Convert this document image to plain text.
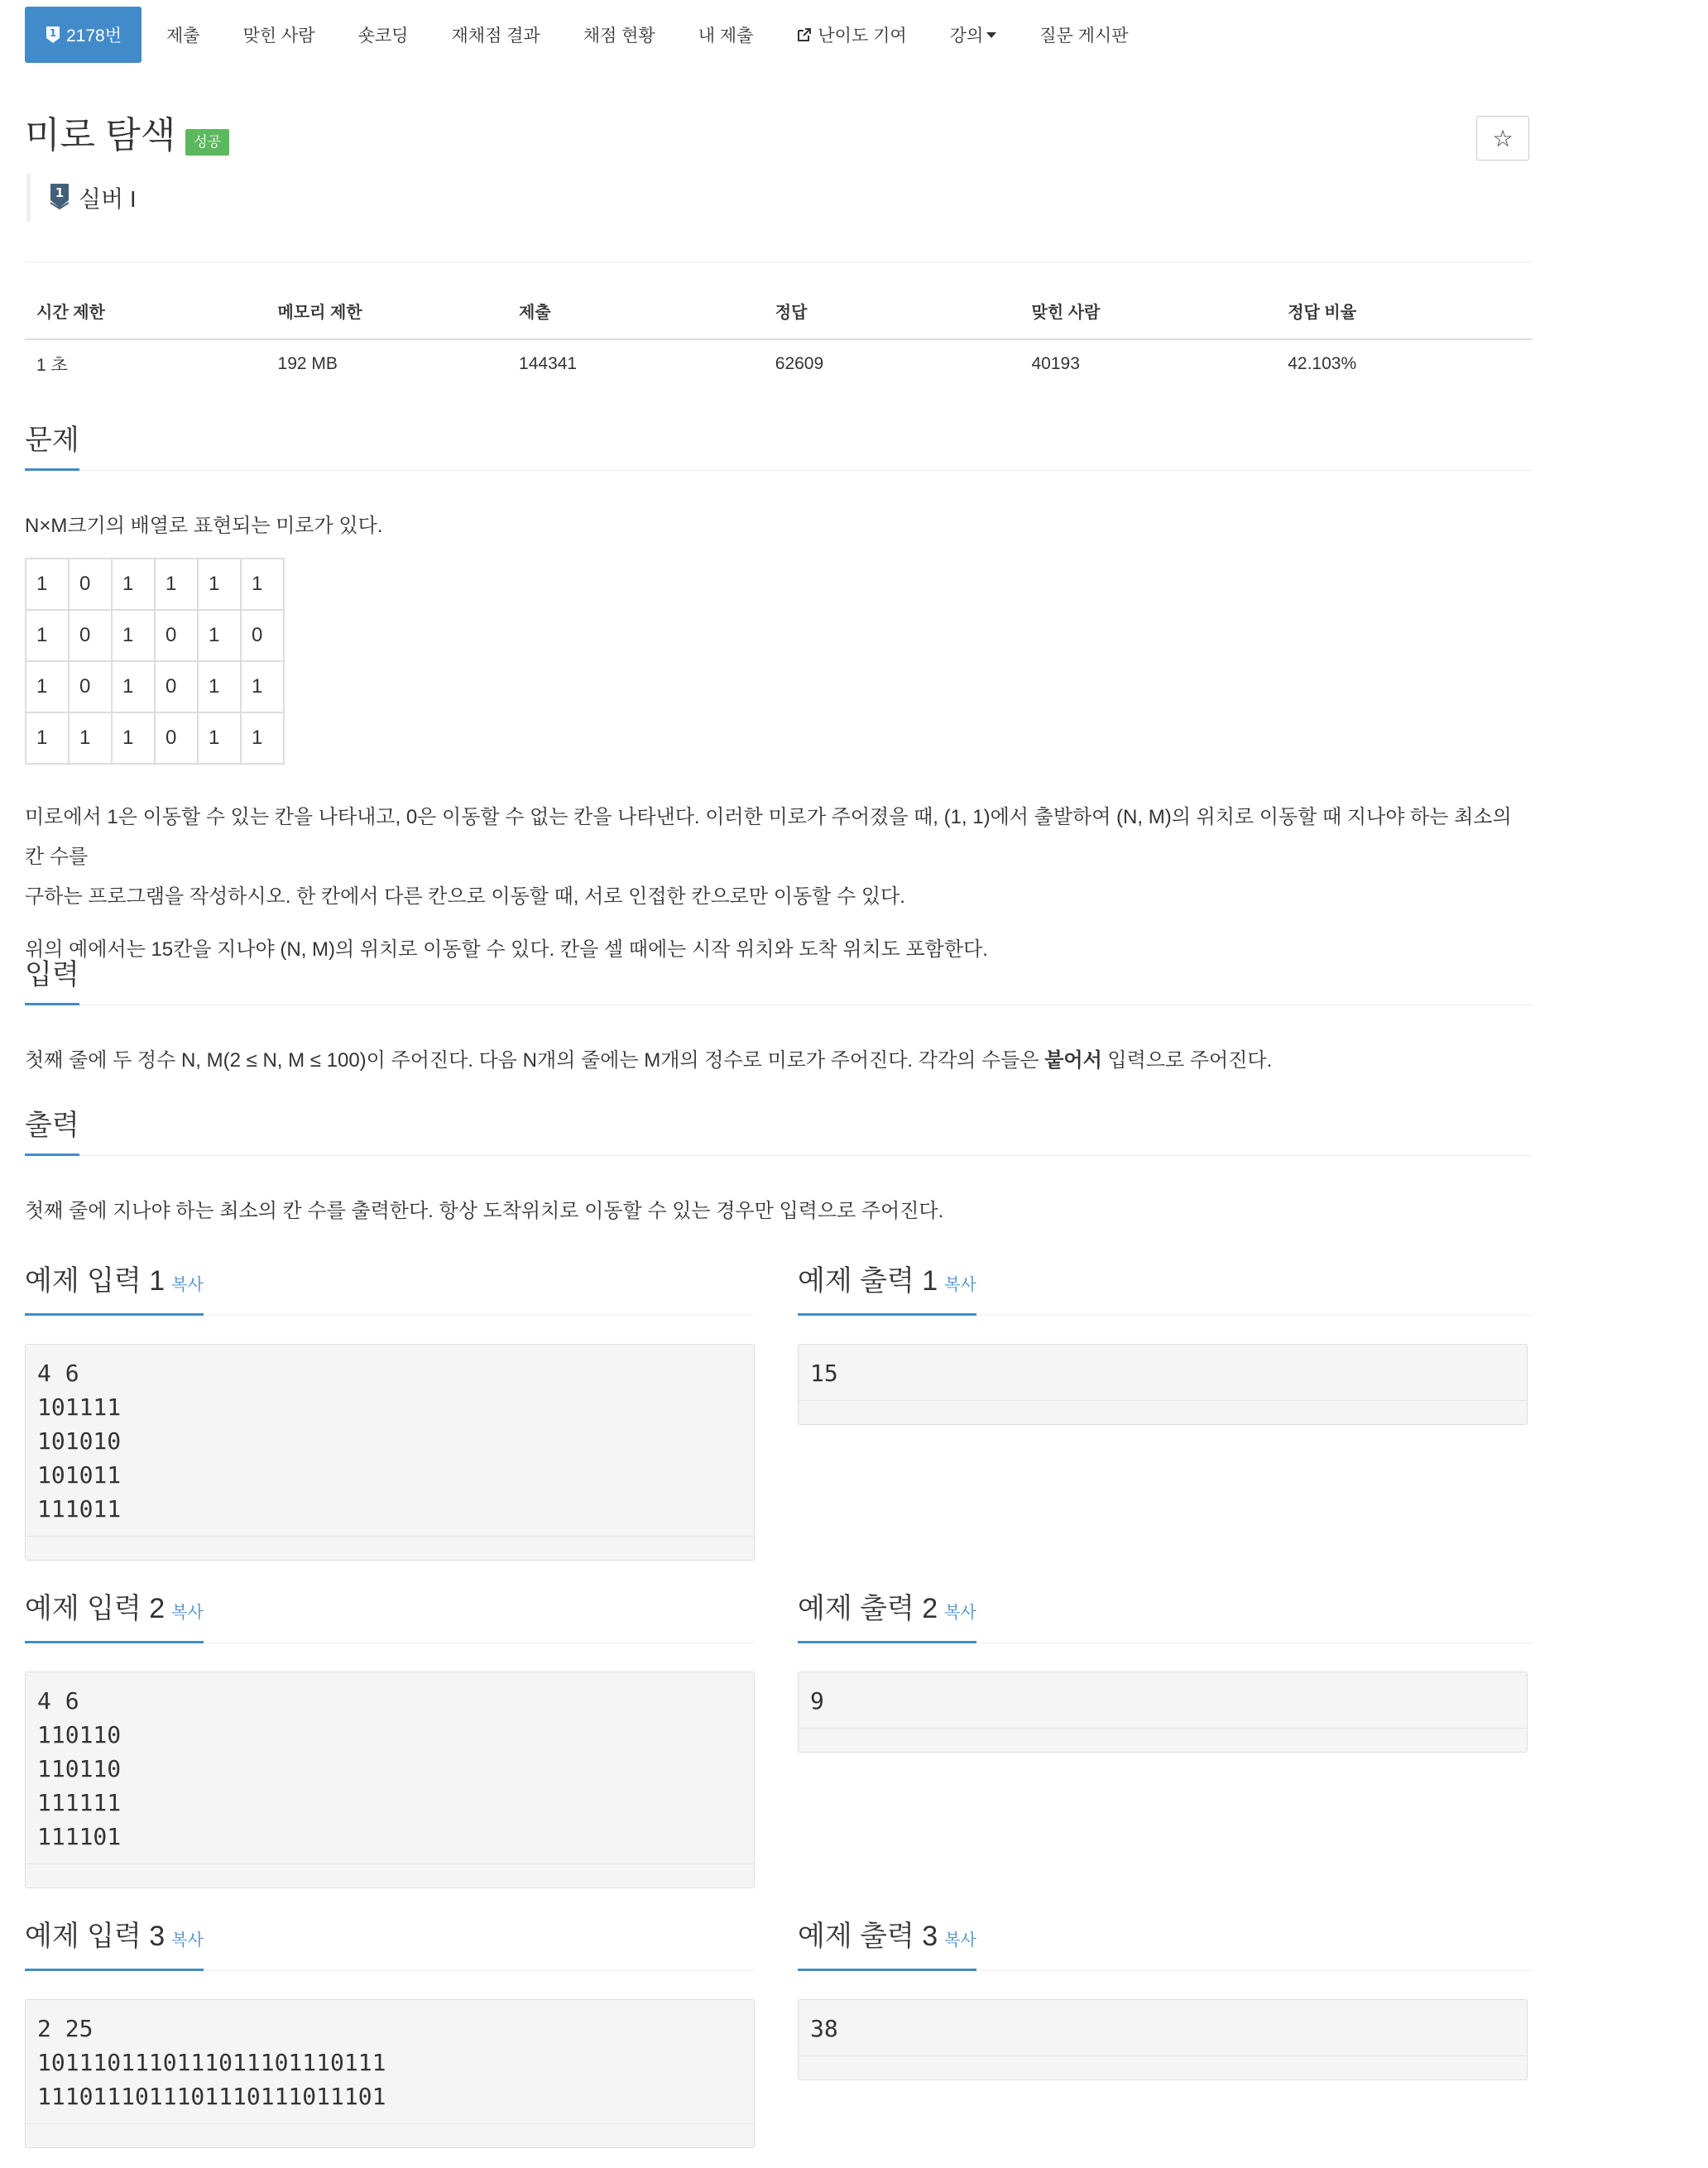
1 2178번	제출 맞힌 사람 숏코딩 재채점 결과 채점 현황 내 제출	난이도 기여 강의	질문 게시판
미로 탐색	성공	☆
1 실버 I
시간 제한	메모리 제한	제출	정답	맞힌 사람	정답 비율
1 초	192 MB	144341	62609	40193	42.103%
문제

N×M크기의 배열로 표현되는 미로가 있다.

1	0	1	1	1	1
1	0	1	0	1	0
1	0	1	0	1	1
1	1	1	0	1	1

미로에서 1은 이동할 수 있는 칸을 나타내고, 0은 이동할 수 없는 칸을 나타낸다. 이러한 미로가 주어졌을 때, (1, 1)에서 출발하여 (N, M)의 위치로 이동할 때 지나야 하는 최소의 칸 수를

구하는 프로그램을 작성하시오. 한 칸에서 다른 칸으로 이동할 때, 서로 인접한 칸으로만 이동할 수 있다.

위의 예에서는 15칸을 지나야 (N, M)의 위치로 이동할 수 있다. 칸을 셀 때에는 시작 위치와 도착 위치도 포함한다.

입력

첫째 줄에 두 정수 N, M(2 ≤ N, M ≤ 100)이 주어진다. 다음 N개의 줄에는 M개의 정수로 미로가 주어진다. 각각의 수들은 붙어서 입력으로 주어진다.

출력

첫째 줄에 지나야 하는 최소의 칸 수를 출력한다. 항상 도착위치로 이동할 수 있는 경우만 입력으로 주어진다.

예제 입력 1 복사	예제 출력 1 복사
4 6
101111
101010
101011
111011
15
예제 입력 2 복사	예제 출력 2 복사
4 6
110110
110110
111111
111101
9
예제 입력 3 복사	예제 출력 3 복사
2 25
1011101110111011101110111
1110111011101110111011101
38
